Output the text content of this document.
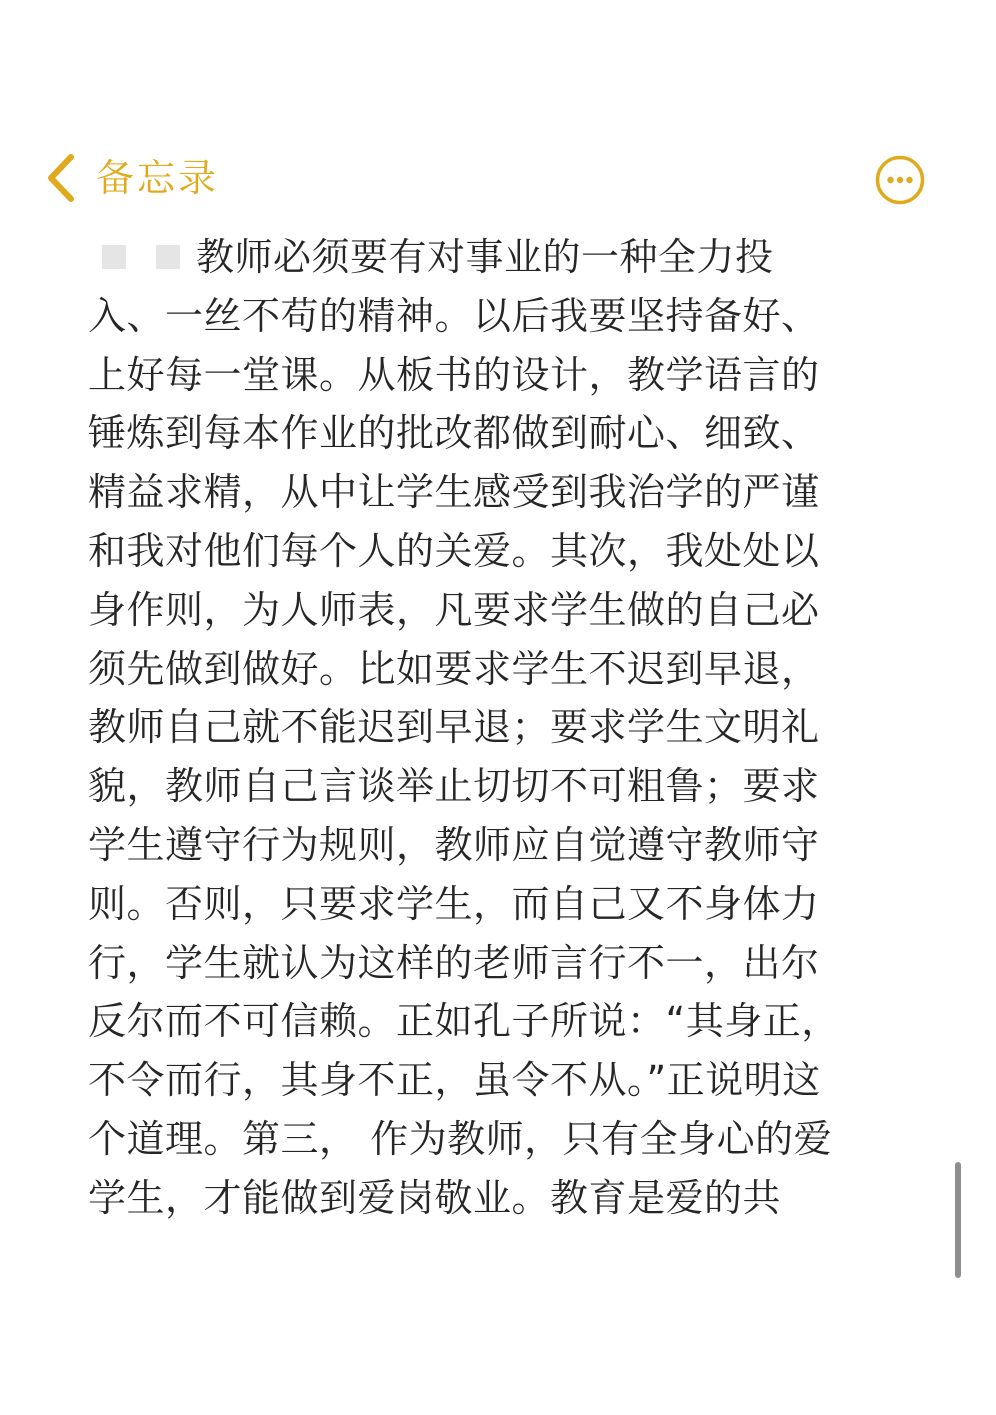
备忘录
教师必须要有对事业的一种全力投
入、一丝不苟的精神。以后我要坚持备好、
上好每一堂课。从板书的设计，教学语言的
锤炼到每本作业的批改都做到耐心、细致、
精益求精，从中让学生感受到我治学的严谨
和我对他们每个人的关爱。其次，我处处以
身作则，为人师表，凡要求学生做的自己必
须先做到做好。比如要求学生不迟到早退，
教师自己就不能迟到早退；要求学生文明礼
貌，教师自己言谈举止切切不可粗鲁；要求
学生遵守行为规则，教师应自觉遵守教师守
则。否则，只要求学生，而自己又不身体力
行，学生就认为这样的老师言行不一，出尔
反尔而不可信赖。正如孔子所说：“其身正，
不令而行，其身不正，虽令不从。”正说明这
个道理。第三， 作为教师，只有全身心的爱
学生，才能做到爱岗敬业。教育是爱的共
